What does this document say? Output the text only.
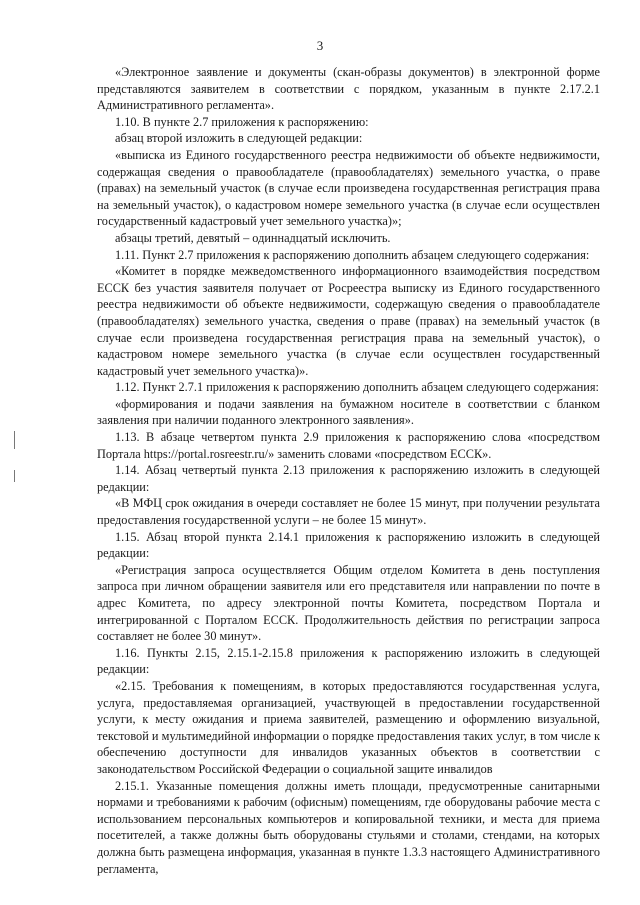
3

«Электронное заявление и документы (скан-образы документов) в электронной форме представляются заявителем в соответствии с порядком, указанным в пункте 2.17.2.1 Административного регламента».

1.10. В пункте 2.7 приложения к распоряжению:

абзац второй изложить в следующей редакции:

«выписка из Единого государственного реестра недвижимости об объекте недвижимости, содержащая сведения о правообладателе (правообладателях) земельного участка, о праве (правах) на земельный участок (в случае если произведена государственная регистрация права на земельный участок), о кадастровом номере земельного участка (в случае если осуществлен государственный кадастровый учет земельного участка)»;

абзацы третий, девятый – одиннадцатый исключить.

1.11. Пункт 2.7 приложения к распоряжению дополнить абзацем следующего содержания:

«Комитет в порядке межведомственного информационного взаимодействия посредством ЕССК без участия заявителя получает от Росреестра выписку из Единого государственного реестра недвижимости об объекте недвижимости, содержащую сведения о правообладателе (правообладателях) земельного участка, сведения о праве (правах) на земельный участок (в случае если произведена государственная регистрация права на земельный участок), о кадастровом номере земельного участка (в случае если осуществлен государственный кадастровый учет земельного участка)».

1.12. Пункт 2.7.1 приложения к распоряжению дополнить абзацем следующего содержания:

«формирования и подачи заявления на бумажном носителе в соответствии с бланком заявления при наличии поданного электронного заявления».

1.13. В абзаце четвертом пункта 2.9 приложения к распоряжению слова «посредством Портала https://portal.rosreestr.ru/» заменить словами «посредством ЕССК».

1.14. Абзац четвертый пункта 2.13 приложения к распоряжению изложить в следующей редакции:

«В МФЦ срок ожидания в очереди составляет не более 15 минут, при получении результата предоставления государственной услуги – не более 15 минут».

1.15. Абзац второй пункта 2.14.1 приложения к распоряжению изложить в следующей редакции:

«Регистрация запроса осуществляется Общим отделом Комитета в день поступления запроса при личном обращении заявителя или его представителя или направлении по почте в адрес Комитета, по адресу электронной почты Комитета, посредством Портала и интегрированной с Порталом ЕССК. Продолжительность действия по регистрации запроса составляет не более 30 минут».

1.16. Пункты 2.15, 2.15.1-2.15.8 приложения к распоряжению изложить в следующей редакции:

«2.15. Требования к помещениям, в которых предоставляются государственная услуга, услуга, предоставляемая организацией, участвующей в предоставлении государственной услуги, к месту ожидания и приема заявителей, размещению и оформлению визуальной, текстовой и мультимедийной информации о порядке предоставления таких услуг, в том числе к обеспечению доступности для инвалидов указанных объектов в соответствии с законодательством Российской Федерации о социальной защите инвалидов

2.15.1. Указанные помещения должны иметь площади, предусмотренные санитарными нормами и требованиями к рабочим (офисным) помещениям, где оборудованы рабочие места с использованием персональных компьютеров и копировальной техники, и места для приема посетителей, а также должны быть оборудованы стульями и столами, стендами, на которых должна быть размещена информация, указанная в пункте 1.3.3 настоящего Административного регламента,
